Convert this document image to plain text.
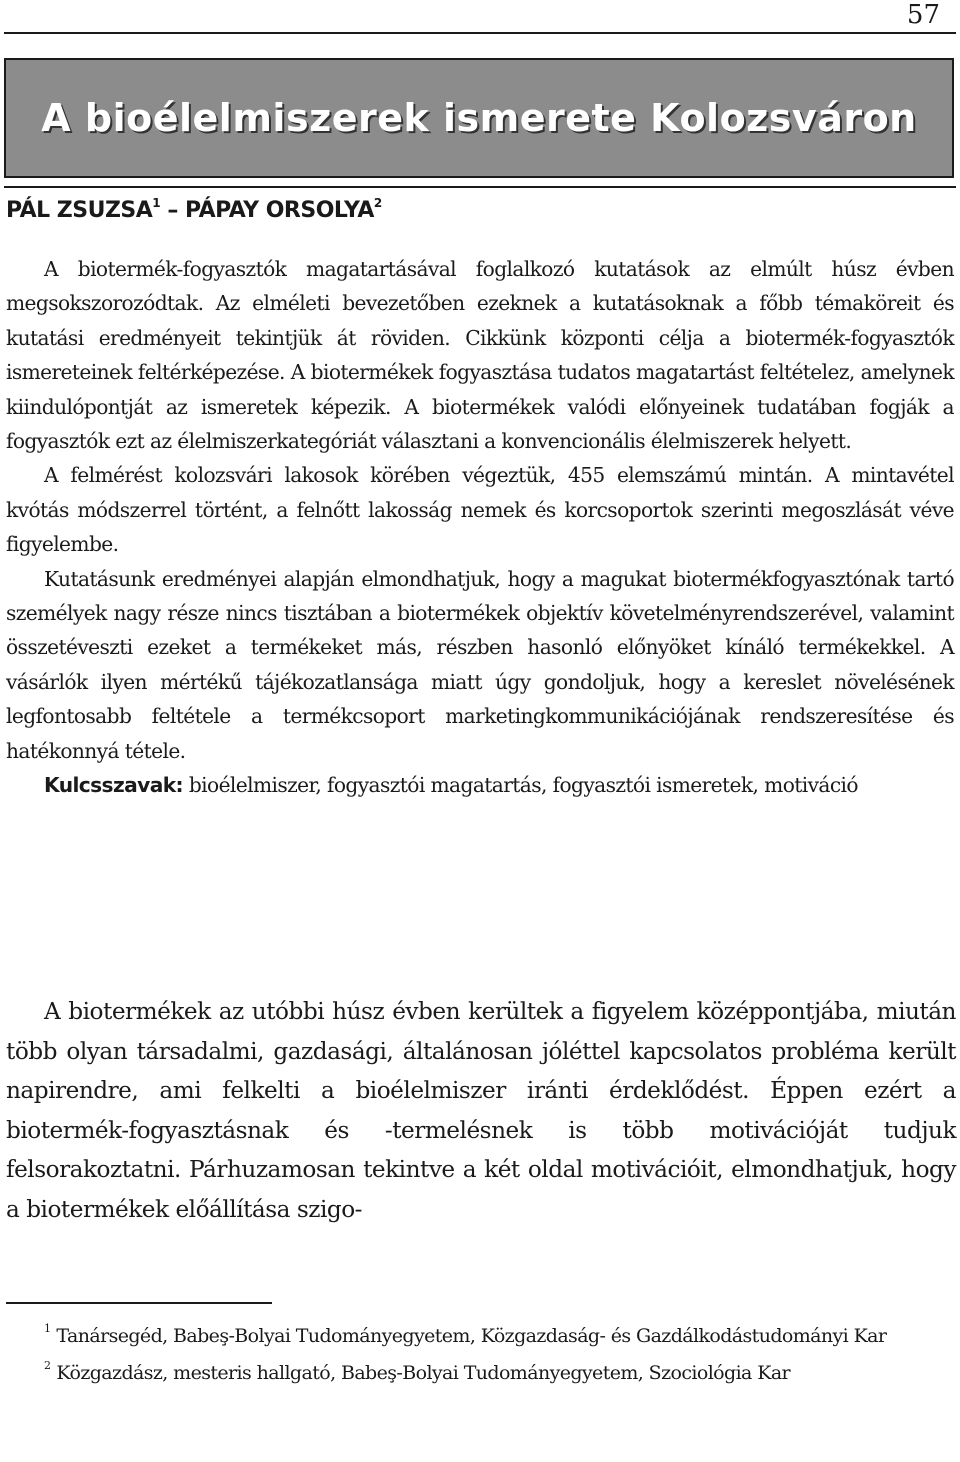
57
A bioélelmiszerek ismerete Kolozsváron
PÁL ZSUZSA$^1$ – PÁPAY ORSOLYA$^2$

A biotermék-fogyasztók magatartásával foglalkozó kutatások az elmúlt húsz évben megsokszorozódtak. Az elméleti bevezetőben ezeknek a kutatásoknak a főbb témaköreit és kutatási eredményeit tekintjük át röviden. Cikkünk központi célja a biotermék-fogyasztók ismereteinek feltérképezése. A biotermékek fogyasztása tudatos magatartást feltételez, amelynek kiindulópontját az ismeretek képezik. A biotermékek valódi előnyeinek tudatában fogják a fogyasztók ezt az élelmiszerkategóriát választani a konvencionális élelmiszerek helyett.

A felmérést kolozsvári lakosok körében végeztük, 455 elemszámú mintán. A mintavétel kvótás módszerrel történt, a felnőtt lakosság nemek és korcsoportok szerinti megoszlását véve figyelembe.

Kutatásunk eredményei alapján elmondhatjuk, hogy a magukat biotermékfogyasztónak tartó személyek nagy része nincs tisztában a biotermékek objektív követelményrendszerével, valamint összetéveszti ezeket a termékeket más, részben hasonló előnyöket kínáló termékekkel. A vásárlók ilyen mértékű tájékozatlansága miatt úgy gondoljuk, hogy a kereslet növelésének legfontosabb feltétele a termékcsoport marketingkommunikációjának rendszeresítése és hatékonnyá tétele.

Kulcsszavak: bioélelmiszer, fogyasztói magatartás, fogyasztói ismeretek, motiváció

A biotermékek az utóbbi húsz évben kerültek a figyelem középpontjába, miután több olyan társadalmi, gazdasági, általánosan jóléttel kapcsolatos probléma került napirendre, ami felkelti a bioélelmiszer iránti érdeklődést. Éppen ezért a biotermék-fogyasztásnak és -termelésnek is több motivációját tudjuk felsorakoztatni. Párhuzamosan tekintve a két oldal motivációit, elmondhatjuk, hogy a biotermékek előállítása szigo-

$^1$ Tanársegéd, Babeş-Bolyai Tudományegyetem, Közgazdaság- és Gazdálkodástudományi Kar

$^2$ Közgazdász, mesteris hallgató, Babeş-Bolyai Tudományegyetem, Szociológia Kar
